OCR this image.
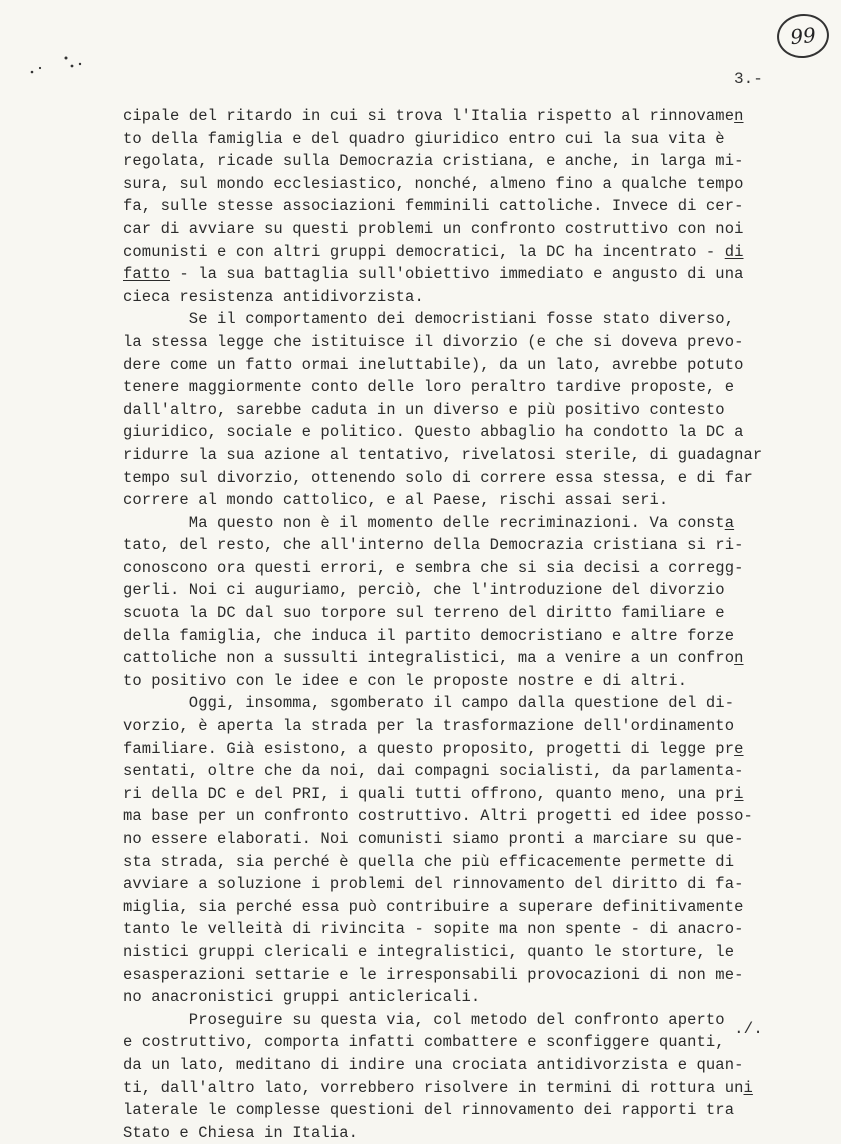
99
3.-
cipale del ritardo in cui si trova l'Italia rispetto al rinnovamen
to della famiglia e del quadro giuridico entro cui la sua vita è
regolata, ricade sulla Democrazia cristiana, e anche, in larga mi-
sura, sul mondo ecclesiastico, nonché, almeno fino a qualche tempo
fa, sulle stesse associazioni femminili cattoliche. Invece di cer-
car di avviare su questi problemi un confronto costruttivo con noi
comunisti e con altri gruppi democratici, la DC ha incentrato - di
fatto - la sua battaglia sull'obiettivo immediato e angusto di una
cieca resistenza antidivorzista.
Se il comportamento dei democristiani fosse stato diverso,
la stessa legge che istituisce il divorzio (e che si doveva prevo-
dere come un fatto ormai ineluttabile), da un lato, avrebbe potuto
tenere maggiormente conto delle loro peraltro tardive proposte, e
dall'altro, sarebbe caduta in un diverso e più positivo contesto
giuridico, sociale e politico. Questo abbaglio ha condotto la DC a
ridurre la sua azione al tentativo, rivelatosi sterile, di guadagnar
tempo sul divorzio, ottenendo solo di correre essa stessa, e di far
correre al mondo cattolico, e al Paese, rischi assai seri.
Ma questo non è il momento delle recriminazioni. Va consta
tato, del resto, che all'interno della Democrazia cristiana si ri-
conoscono ora questi errori, e sembra che si sia decisi a corregg-
gerli. Noi ci auguriamo, perciò, che l'introduzione del divorzio
scuota la DC dal suo torpore sul terreno del diritto familiare e
della famiglia, che induca il partito democristiano e altre forze
cattoliche non a sussulti integralistici, ma a venire a un confron
to positivo con le idee e con le proposte nostre e di altri.
Oggi, insomma, sgomberato il campo dalla questione del di-
vorzio, è aperta la strada per la trasformazione dell'ordinamento
familiare. Già esistono, a questo proposito, progetti di legge pre
sentati, oltre che da noi, dai compagni socialisti, da parlamenta-
ri della DC e del PRI, i quali tutti offrono, quanto meno, una pri
ma base per un confronto costruttivo. Altri progetti ed idee posso-
no essere elaborati. Noi comunisti siamo pronti a marciare su que-
sta strada, sia perché è quella che più efficacemente permette di
avviare a soluzione i problemi del rinnovamento del diritto di fa-
miglia, sia perché essa può contribuire a superare definitivamente
tanto le velleità di rivincita - sopite ma non spente - di anacro-
nistici gruppi clericali e integralistici, quanto le storture, le
esasperazioni settarie e le irresponsabili provocazioni di non me-
no anacronistici gruppi anticlericali.
Proseguire su questa via, col metodo del confronto aperto
e costruttivo, comporta infatti combattere e sconfiggere quanti,
da un lato, meditano di indire una crociata antidivorzista e quan-
ti, dall'altro lato, vorrebbero risolvere in termini di rottura uni
laterale le complesse questioni del rinnovamento dei rapporti tra
Stato e Chiesa in Italia.
./.
